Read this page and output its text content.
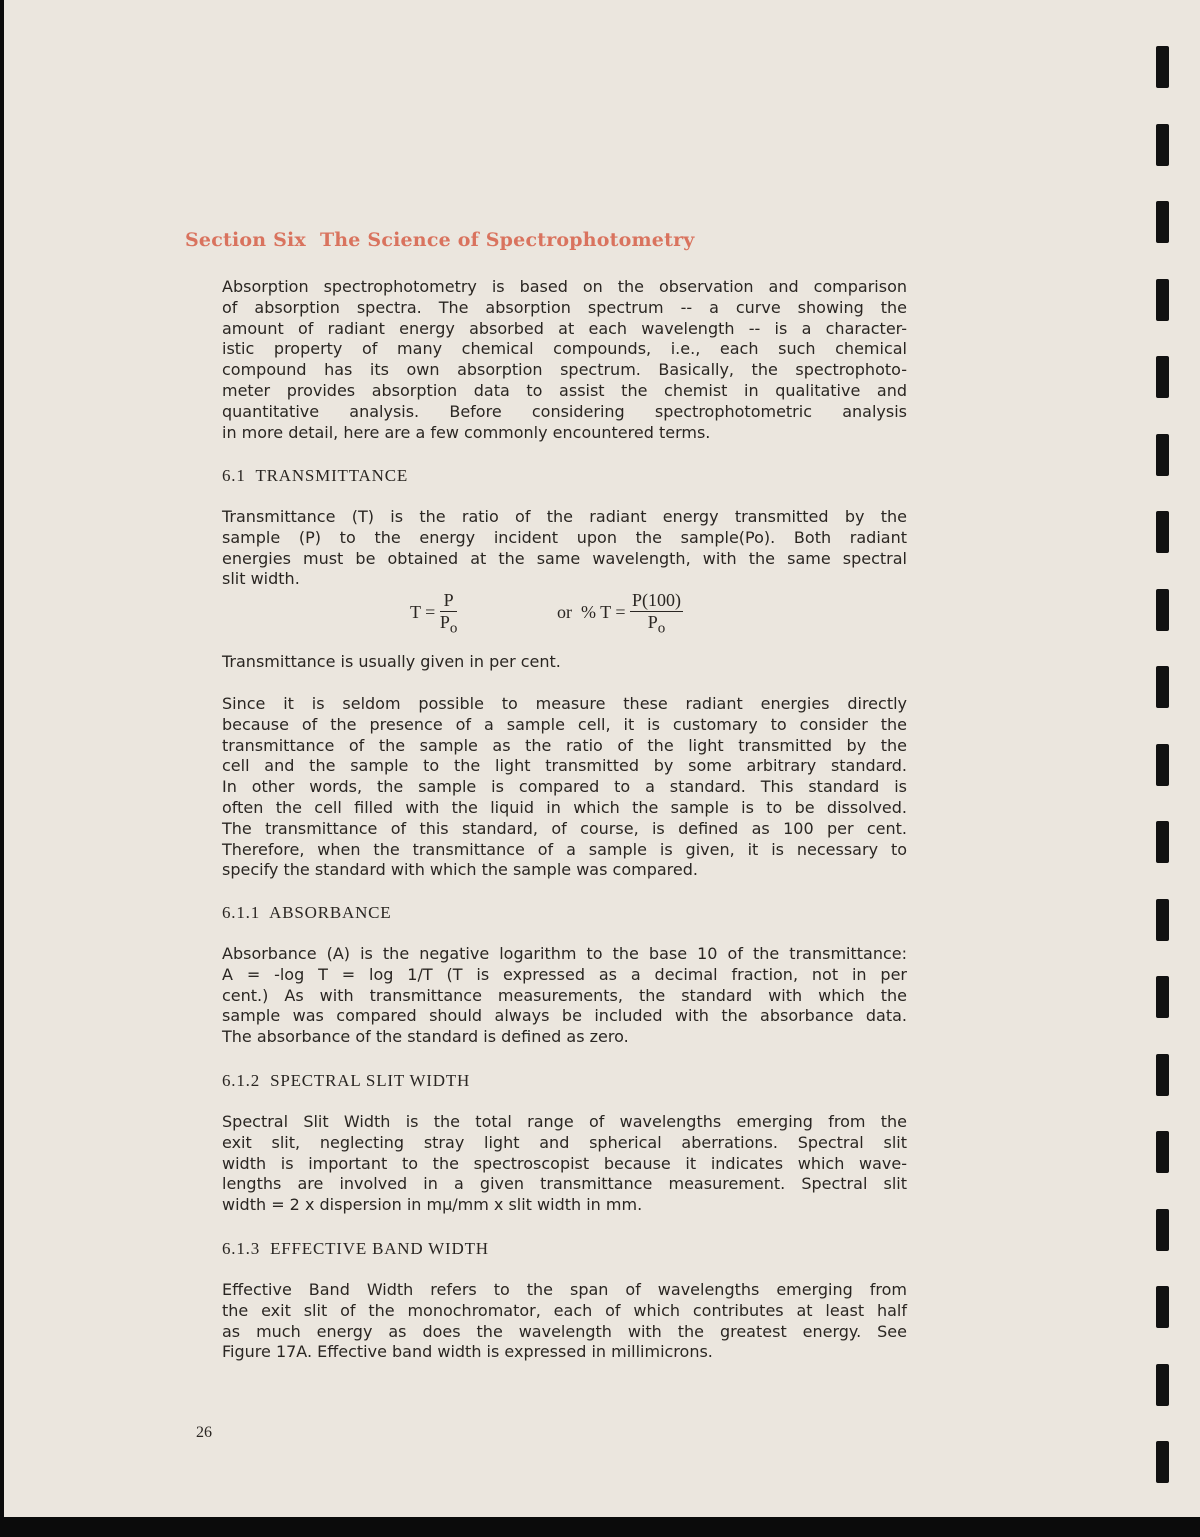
Section Six The Science of Spectrophotometry
Absorption spectrophotometry is based on the observation and comparison
of absorption spectra. The absorption spectrum -- a curve showing the
amount of radiant energy absorbed at each wavelength -- is a character-
istic property of many chemical compounds, i.e., each such chemical
compound has its own absorption spectrum. Basically, the spectrophoto-
meter provides absorption data to assist the chemist in qualitative and
quantitative analysis. Before considering spectrophotometric analysis
in more detail, here are a few commonly encountered terms.
6.1  TRANSMITTANCE
Transmittance (T) is the ratio of the radiant energy transmitted by the
sample (P) to the energy incident upon the sample(Po). Both radiant
energies must be obtained at the same wavelength, with the same spectral
slit width.
$T = \frac{P}{P_o}$	or % $T = \frac{P(100)}{P_o}$
Transmittance is usually given in per cent.
Since it is seldom possible to measure these radiant energies directly
because of the presence of a sample cell, it is customary to consider the
transmittance of the sample as the ratio of the light transmitted by the
cell and the sample to the light transmitted by some arbitrary standard.
In other words, the sample is compared to a standard. This standard is
often the cell filled with the liquid in which the sample is to be dissolved.
The transmittance of this standard, of course, is defined as 100 per cent.
Therefore, when the transmittance of a sample is given, it is necessary to
specify the standard with which the sample was compared.
6.1.1  ABSORBANCE
Absorbance (A) is the negative logarithm to the base 10 of the transmittance:
A = -log T = log 1/T (T is expressed as a decimal fraction, not in per
cent.) As with transmittance measurements, the standard with which the
sample was compared should always be included with the absorbance data.
The absorbance of the standard is defined as zero.
6.1.2  SPECTRAL SLIT WIDTH
Spectral Slit Width is the total range of wavelengths emerging from the
exit slit, neglecting stray light and spherical aberrations. Spectral slit
width is important to the spectroscopist because it indicates which wave-
lengths are involved in a given transmittance measurement. Spectral slit
width = 2 x dispersion in mμ/mm x slit width in mm.
6.1.3  EFFECTIVE BAND WIDTH
Effective Band Width refers to the span of wavelengths emerging from
the exit slit of the monochromator, each of which contributes at least half
as much energy as does the wavelength with the greatest energy. See
Figure 17A. Effective band width is expressed in millimicrons.
26
